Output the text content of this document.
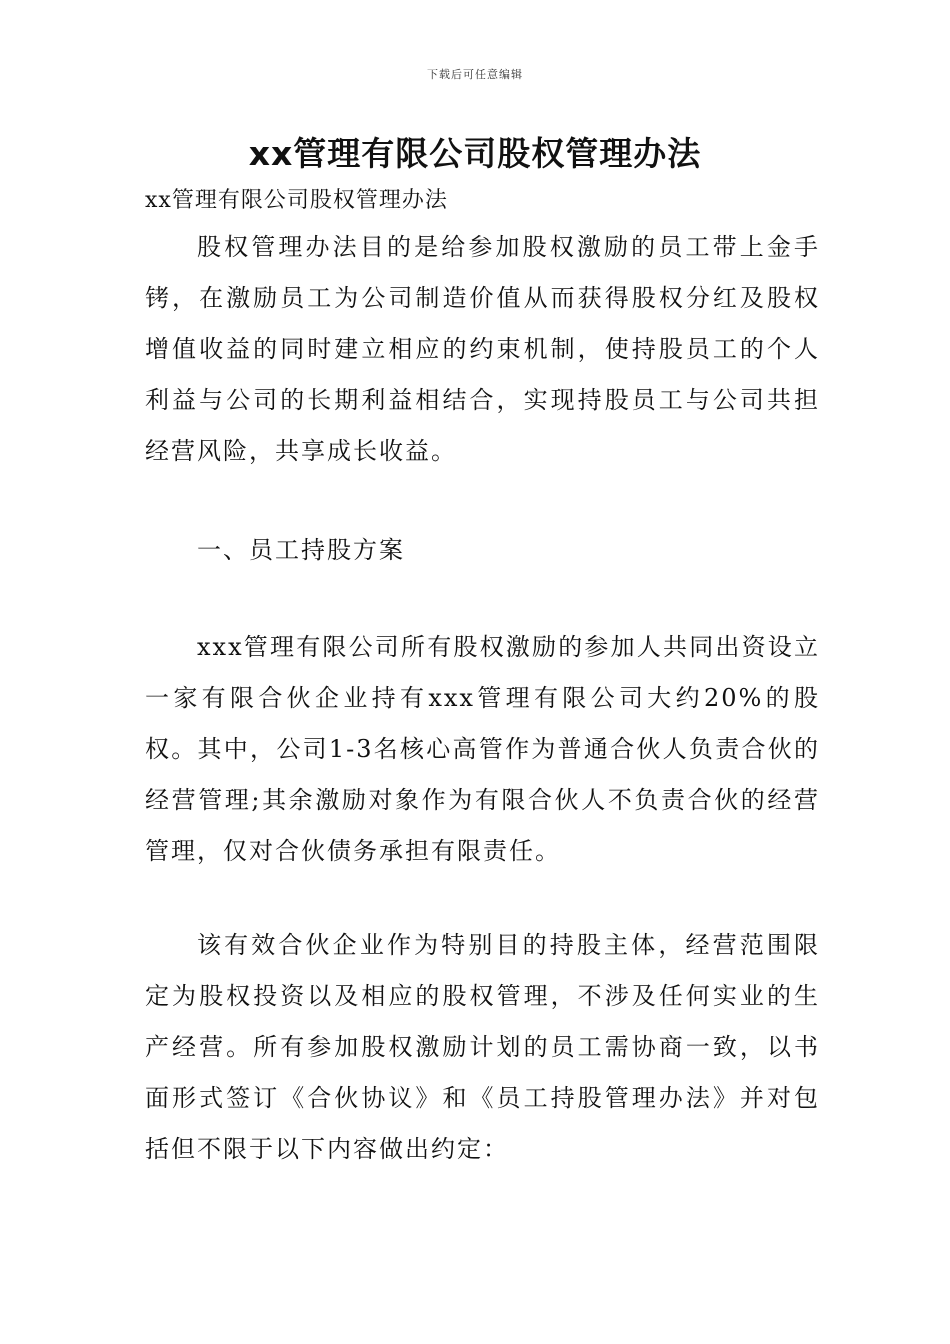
下载后可任意编辑
xx管理有限公司股权管理办法

xx管理有限公司股权管理办法

股权管理办法目的是给参加股权激励的员工带上金手铐，在激励员工为公司制造价值从而获得股权分红及股权增值收益的同时建立相应的约束机制，使持股员工的个人利益与公司的长期利益相结合，实现持股员工与公司共担经营风险，共享成长收益。

一、员工持股方案

xxx管理有限公司所有股权激励的参加人共同出资设立一家有限合伙企业持有xxx管理有限公司大约20%的股权。其中，公司1-3名核心高管作为普通合伙人负责合伙的经营管理;其余激励对象作为有限合伙人不负责合伙的经营管理，仅对合伙债务承担有限责任。

该有效合伙企业作为特别目的持股主体，经营范围限定为股权投资以及相应的股权管理，不涉及任何实业的生产经营。所有参加股权激励计划的员工需协商一致，以书面形式签订《合伙协议》和《员工持股管理办法》并对包括但不限于以下内容做出约定：
